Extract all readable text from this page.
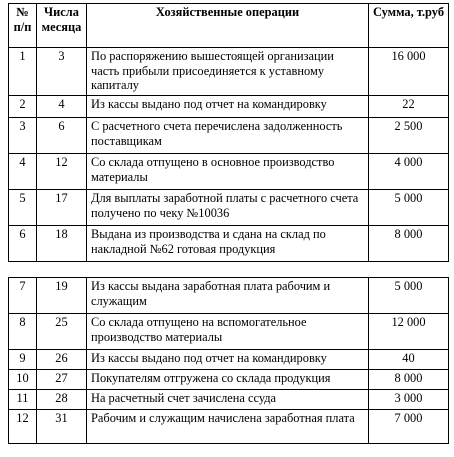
№ п/п	Числа месяца	Хозяйственные операции	Сумма, т.руб
1	3	По распоряжению вышестоящей организации часть прибыли присоединяется к уставному капиталу	16 000
2	4	Из кассы выдано под отчет на командировку	22
3	6	С расчетного счета перечислена задолженность поставщикам	2 500
4	12	Со склада отпущено в основное производство материалы	4 000
5	17	Для выплаты заработной платы с расчетного счета получено по чеку №10036	5 000
6	18	Выдана из производства и сдана на склад по накладной №62 готовая продукция	8 000
7	19	Из кассы выдана заработная плата рабочим и служащим	5 000
8	25	Со склада отпущено на вспомогательное производство материалы	12 000
9	26	Из кассы выдано под отчет на командировку	40
10	27	Покупателям отгружена со склада продукция	8 000
11	28	На расчетный счет зачислена ссуда	3 000
12	31	Рабочим и служащим начислена заработная плата	7 000
